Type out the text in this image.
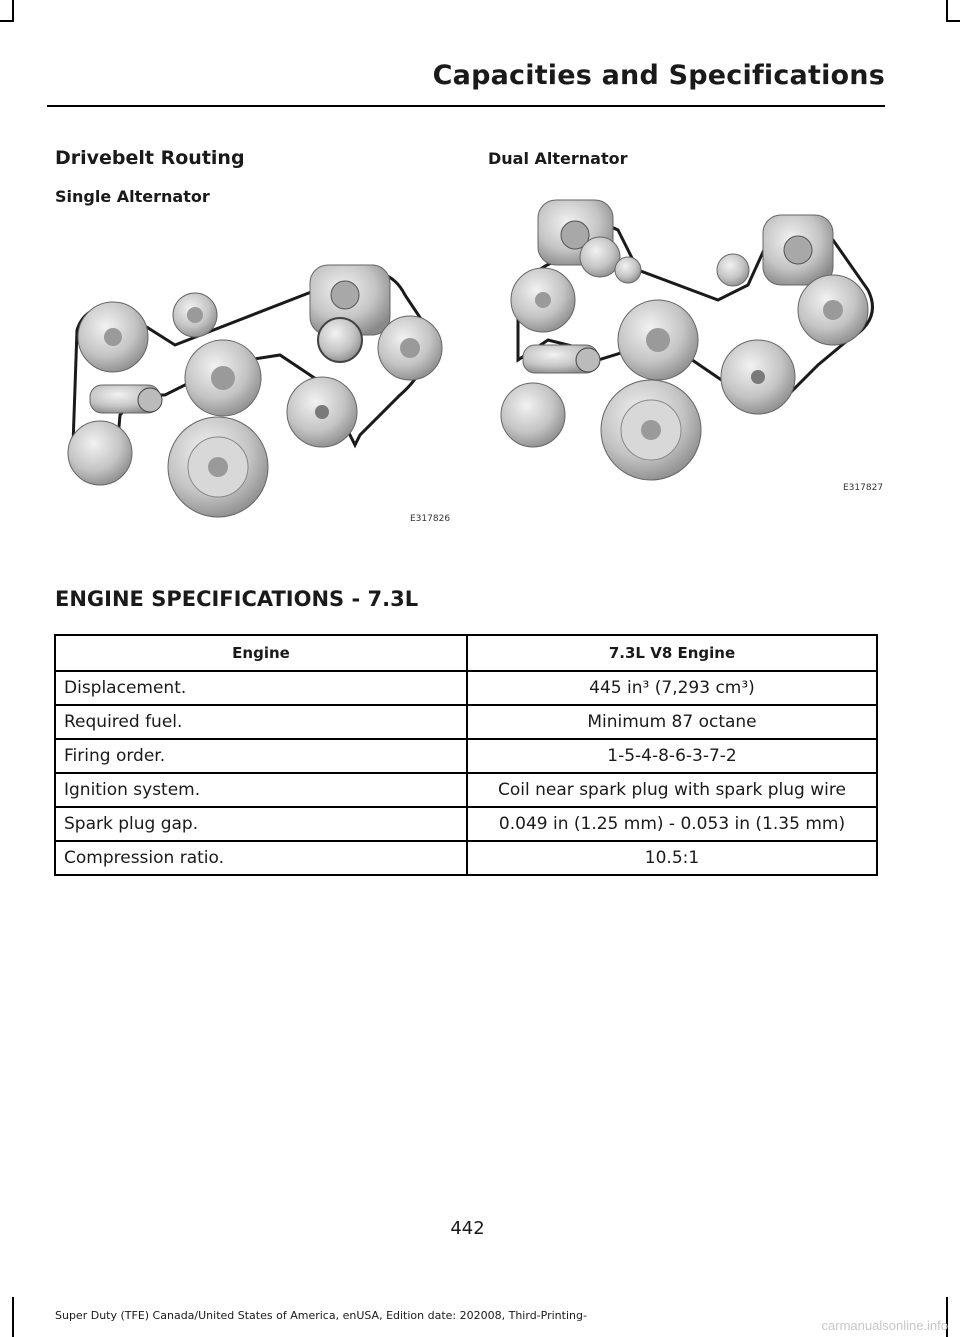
Capacities and Specifications
Drivebelt Routing
Single Alternator
Dual Alternator
E317826
E317827
ENGINE SPECIFICATIONS - 7.3L
Engine	7.3L V8 Engine
Displacement.	445 in³ (7,293 cm³)
Required fuel.	Minimum 87 octane
Firing order.	1-5-4-8-6-3-7-2
Ignition system.	Coil near spark plug with spark plug wire
Spark plug gap.	0.049 in (1.25 mm) - 0.053 in (1.35 mm)
Compression ratio.	10.5:1
442
Super Duty (TFE) Canada/United States of America, enUSA, Edition date: 202008, Third-Printing-
carmanualsonline.info
